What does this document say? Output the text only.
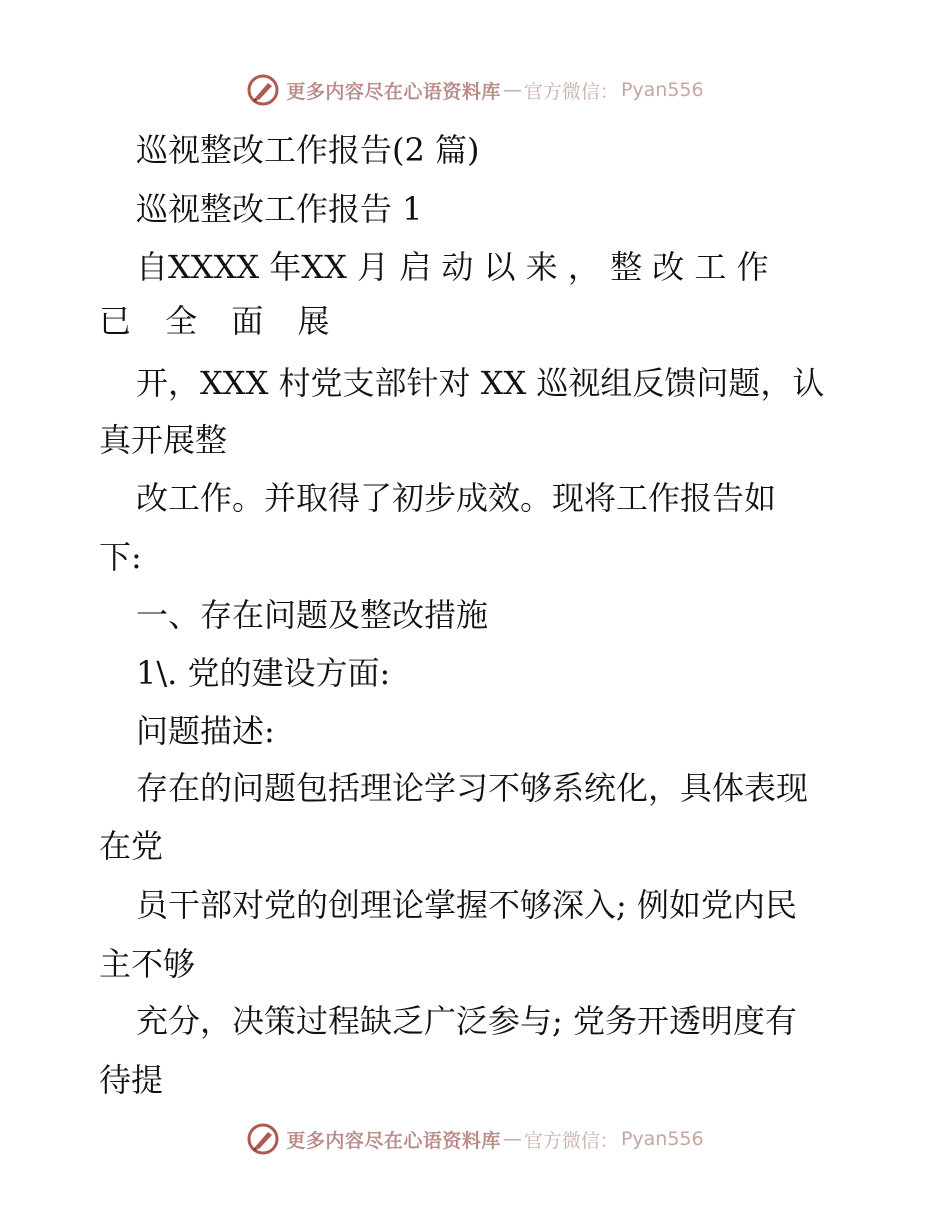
更多内容尽在心语资料库 — 官方微信： Pyan556
巡视整改工作报告(2 篇)
巡视整改工作报告 1
自XXXX 年XX 月 启 动 以 来 ， 整 改 工 作
已 全 面 展
开，XXX 村党支部针对 XX 巡视组反馈问题，认
真开展整
改工作。并取得了初步成效。现将工作报告如
下:
一、存在问题及整改措施
1\. 党的建设方面:
问题描述:
存在的问题包括理论学习不够系统化，具体表现
在党
员干部对党的创理论掌握不够深入; 例如党内民
主不够
充分，决策过程缺乏广泛参与; 党务开透明度有
待提
更多内容尽在心语资料库 — 官方微信： Pyan556
